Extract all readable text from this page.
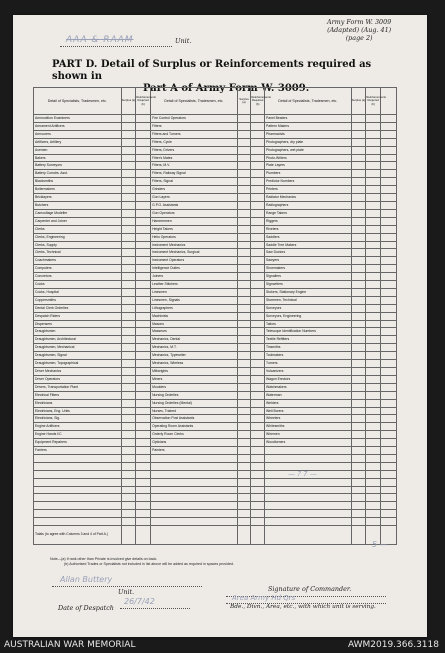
AAA & RAAM	Unit.
Army Form W. 3009
(Adapted) (Aug. 41)
(page 2)
PART D. Detail of Surplus or Reinforcements required as shown in
Part A of Army Form W. 3009.
Detail of Specialists, Tradesmen, etc.	Surplus (a)	Reinforcements Required (b)	Detail of Specialists, Tradesmen, etc.	Surplus (a)	Reinforcements Required (b)	Detail of Specialists, Tradesmen, etc.	Surplus (a)	Reinforcements Required (b)	
Ammunition Examiners			Fire Control Operators			Panel Beaters			
Armament Artificers			Fitters			Pattern Makers			
Armourers			Fitters and Turners			Pharmacists			
Artificers, Artillery			Fitters, Cycle			Photographers, dry plate			
Axemen			Fitters, Drivers			Photographers, wet plate			
Bakers			Fitter's Mates			Photo-Writers			
Battery Surveyors			Fitters, M.V.			Plate Layers			
Battery Comdrs. Asst.			Fitters, Railway Signal			Plumbers			
Blacksmiths			Fitters, Signal			Predictor Numbers			
Boilermakers			Grinders			Printers			
Bricklayers			Gun Layers			Radiator Mechanics			
Butchers			G.P.O. Assistants			Radiographers			
Camouflage Modeller			Gun Operators			Range Takers			
Carpenter and Joiner			Hammermen			Riggers			
Clerks			Height Takers			Riveters			
Clerks, Engineering			Helio Operators			Saddlers			
Clerks, Supply			Instrument Mechanics			Saddle Tree Makers			
Clerks, Technical			Instrument Mechanics, Surgical			Saw Doctors			
Coachmakers			Instrument Operators			Sawyers			
Computers			Intelligence Duties			Shoemakers			
Concretors			Joiners			Signallers			
Cooks			Leather Stitchers			Signwriters			
Cooks, Hospital			Linesmen			Stokers, Stationary Engine			
Coppersmiths			Linesmen, Signals			Storemen, Technical			
Dental Clerk Orderlies			Lithographers			Surveyors			
Despatch Riders			Machinists			Surveyors, Engineering			
Dispensers			Masons			Tailors			
Draughtsmen			Masseurs			Telescope Identification Numbers			
Draughtsmen, Architectural			Mechanics, Dental			Textile Refitters			
Draughtsmen, Mechanical			Mechanics, M.T.			Tinsmiths			
Draughtsmen, Signal			Mechanics, Typewriter			Toolmakers			
Draughtsmen, Topographical			Mechanics, Wireless			Turners			
Driver Mechanics			Millwrights			Vulcanizers			
Driver Operators			Miners			Wagon Erectors			
Drivers, Transportation Plant			Moulders			Watchmakers			
Electrical Fitters			Nursing Orderlies			Waterman			
Electricians			Nursing Orderlies (Mental)			Welders			
Electricians, Eng. Units			Nurses, Trained			Well Borers			
Electricians, Sig.			Observation Post Assistants			Wheelers			
Engine Artificers			Operating Room Assistants			Whitesmiths			
Engine Hands I/C			Orderly Room Clerks			Wiremen			
Equipment Repairers			Opticians			Woodturners			
Farriers			Painters						

Totals (to agree with Columns 3 and 4 of Part A.)									
— ? 7 —
5 —
Note—(a) If rank other than Private is involved give details on back.
(b) Authorised Trades or Specialists not included in list above will be added as required in spaces provided.
Allan Buttery
Unit.	Signature of Commander.
Date of Despatch
26/7/42	Area Army Hd Qrs
Bde., Divn., Area, etc., with which unit is serving.
AUSTRALIAN WAR MEMORIAL	AWM2019.366.3118
